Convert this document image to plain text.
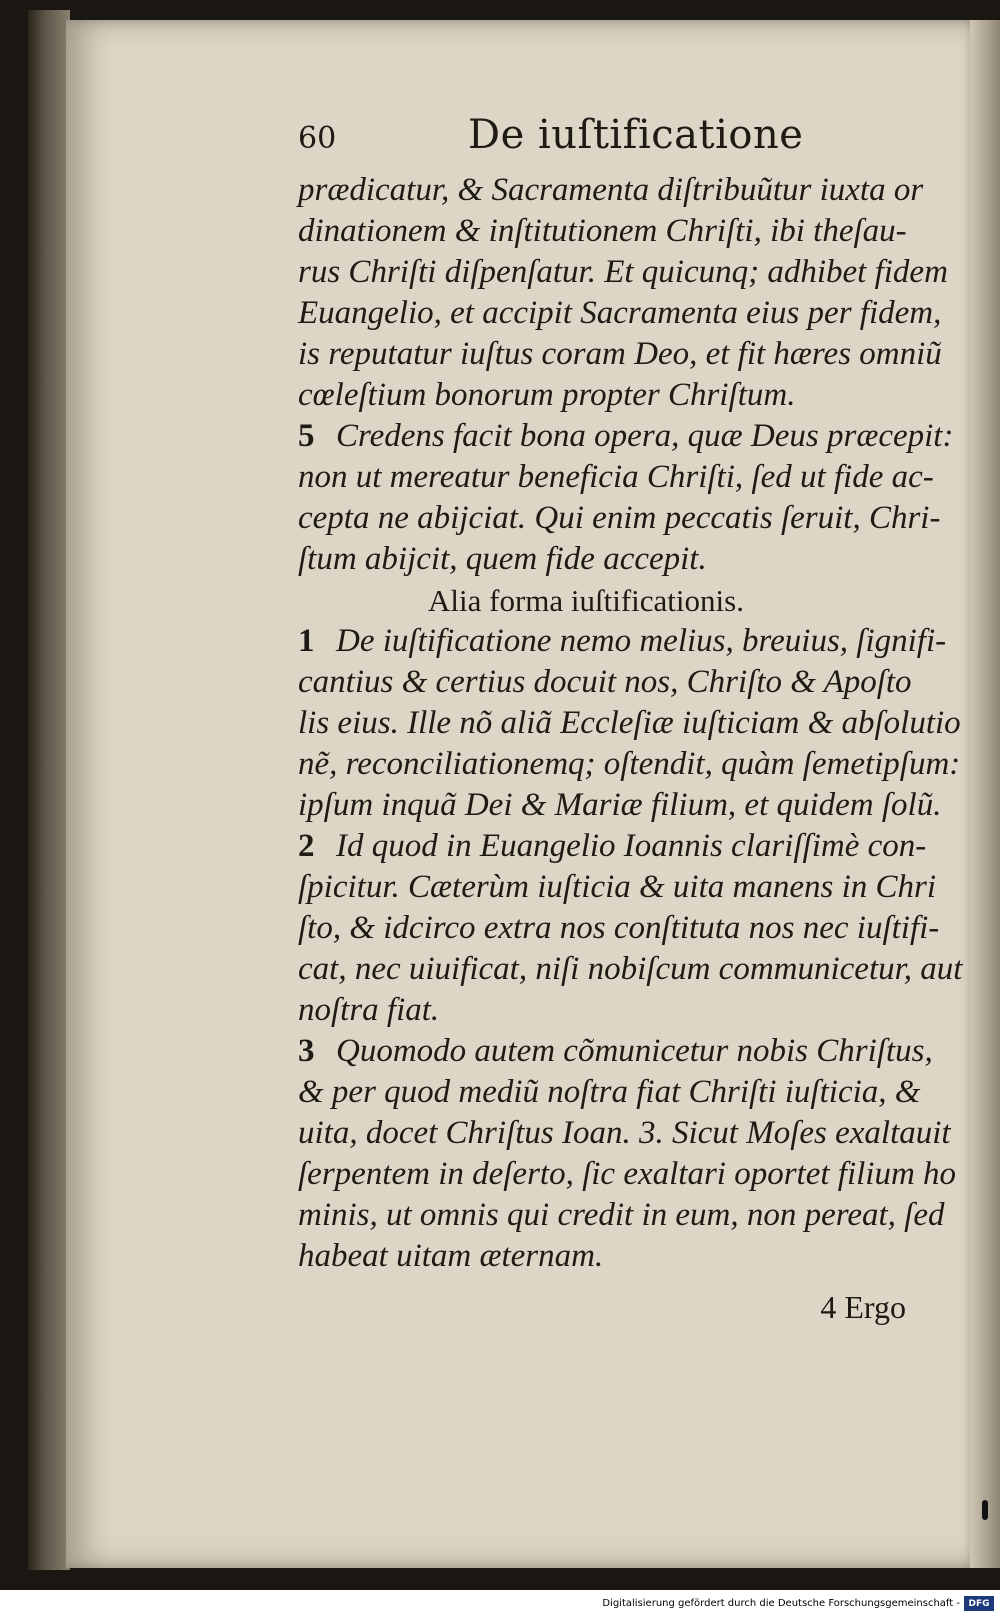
60	De iuſtificatione
prædicatur, & Sacramenta diſtribuũtur iuxta or
dinationem & inſtitutionem Chriſti, ibi theſau-
rus Chriſti diſpenſatur. Et quicunq; adhibet fidem
Euangelio, et accipit Sacramenta eius per fidem,
is reputatur iuſtus coram Deo, et fit hæres omniũ
cœleſtium bonorum propter Chriſtum.
5 Credens facit bona opera, quæ Deus præcepit:
non ut mereatur beneficia Chriſti, ſed ut fide ac-
cepta ne abijciat. Qui enim peccatis ſeruit, Chri-
ſtum abijcit, quem fide accepit.
Alia forma iuſtificationis.
1 De iuſtificatione nemo melius, breuius, ſignifi-
cantius & certius docuit nos, Chriſto & Apoſto
lis eius. Ille nõ aliã Eccleſiæ iuſticiam & abſolutio
nẽ, reconciliationemq; oſtendit, quàm ſemetipſum:
ipſum inquã Dei & Mariæ filium, et quidem ſolũ.
2 Id quod in Euangelio Ioannis clariſſimè con-
ſpicitur. Cæterùm iuſticia & uita manens in Chri
ſto, & idcirco extra nos conſtituta nos nec iuſtifi-
cat, nec uiuificat, niſi nobiſcum communicetur, aut
noſtra fiat.
3 Quomodo autem cõmunicetur nobis Chriſtus,
& per quod mediũ noſtra fiat Chriſti iuſticia, &
uita, docet Chriſtus Ioan. 3. Sicut Moſes exaltauit
ſerpentem in deſerto, ſic exaltari oportet filium ho
minis, ut omnis qui credit in eum, non pereat, ſed
habeat uitam æternam.
4 Ergo
Digitalisierung gefördert durch die Deutsche Forschungsgemeinschaft - DFG
